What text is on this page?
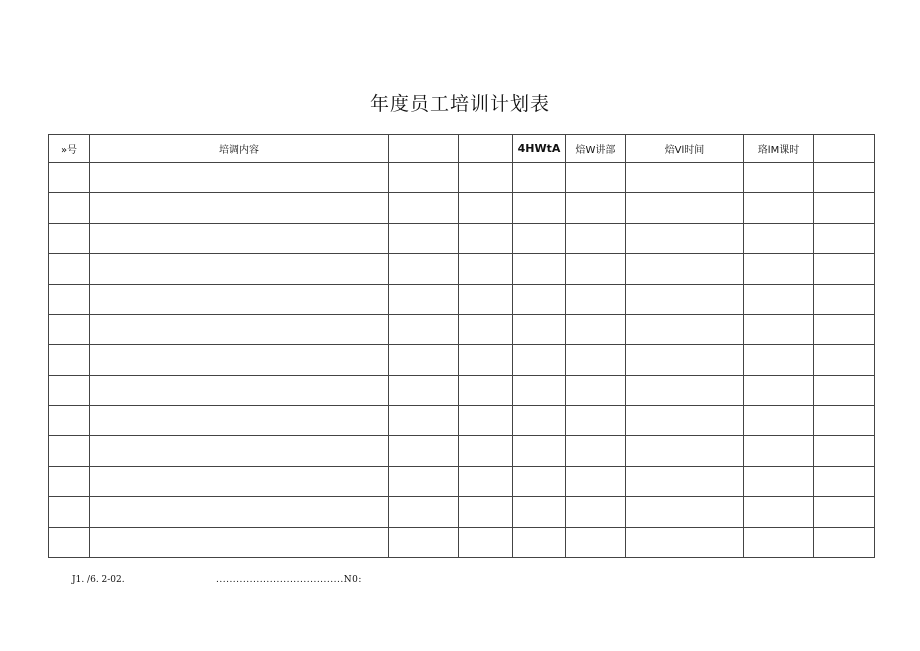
年度员工培训计划表
»号	培调内容			4HWtA	焙W讲部	焙Vl时间	珞lM课时	

J1. /6. 2-02.	......................................N0:
